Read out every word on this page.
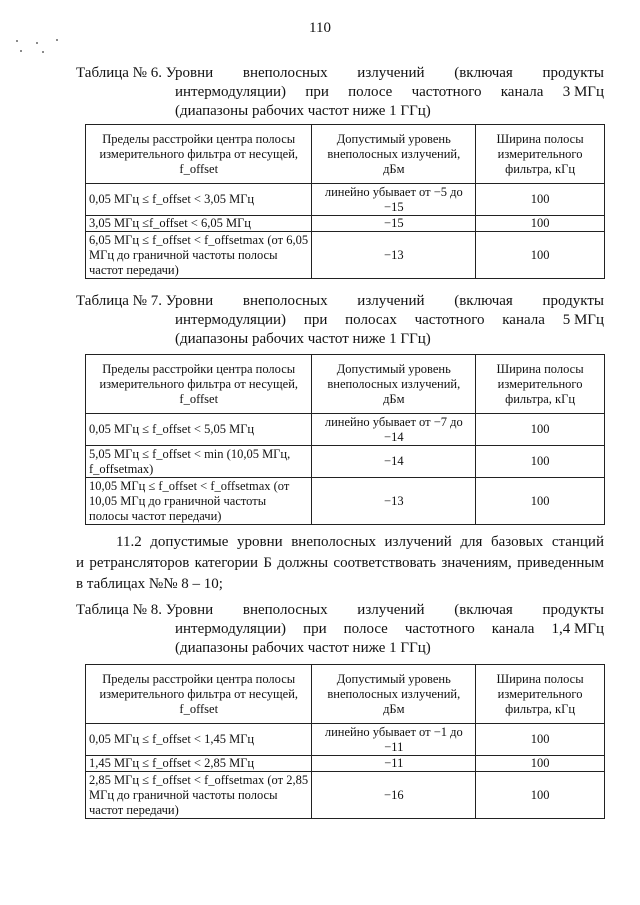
110
Таблица № 6. Уровни внеполосных излучений (включая продукты
интермодуляции) при полосе частотного канала 3 МГц
(диапазоны рабочих частот ниже 1 ГГц)
Пределы расстройки центра полосы измерительного фильтра от несущей, f_offset	Допустимый уровень внеполосных излучений, дБм	Ширина полосы измерительного фильтра, кГц
0,05 МГц ≤ f_offset < 3,05 МГц	линейно убывает от −5 до −15	100
3,05 МГц ≤f_offset < 6,05 МГц	−15	100
6,05 МГц ≤ f_offset < f_offsetmax (от 6,05 МГц до граничной частоты полосы частот передачи)	−13	100
Таблица № 7. Уровни внеполосных излучений (включая продукты
интермодуляции) при полосах частотного канала 5 МГц
(диапазоны рабочих частот ниже 1 ГГц)
Пределы расстройки центра полосы измерительного фильтра от несущей, f_offset	Допустимый уровень внеполосных излучений, дБм	Ширина полосы измерительного фильтра, кГц
0,05 МГц ≤ f_offset < 5,05 МГц	линейно убывает от −7 до −14	100
5,05 МГц ≤ f_offset < min (10,05 МГц, f_offsetmax)	−14	100
10,05 МГц ≤ f_offset < f_offsetmax (от 10,05 МГц до граничной частоты полосы частот передачи)	−13	100
11.2 допустимые уровни внеполосных излучений для базовых станций
и ретрансляторов категории Б должны соответствовать значениям, приведенным
в таблицах №№ 8 – 10;
Таблица № 8. Уровни внеполосных излучений (включая продукты
интермодуляции) при полосе частотного канала 1,4 МГц
(диапазоны рабочих частот ниже 1 ГГц)
Пределы расстройки центра полосы измерительного фильтра от несущей, f_offset	Допустимый уровень внеполосных излучений, дБм	Ширина полосы измерительного фильтра, кГц
0,05 МГц ≤ f_offset < 1,45 МГц	линейно убывает от −1 до −11	100
1,45 МГц ≤ f_offset < 2,85 МГц	−11	100
2,85 МГц ≤ f_offset < f_offsetmax (от 2,85 МГц до граничной частоты полосы частот передачи)	−16	100
